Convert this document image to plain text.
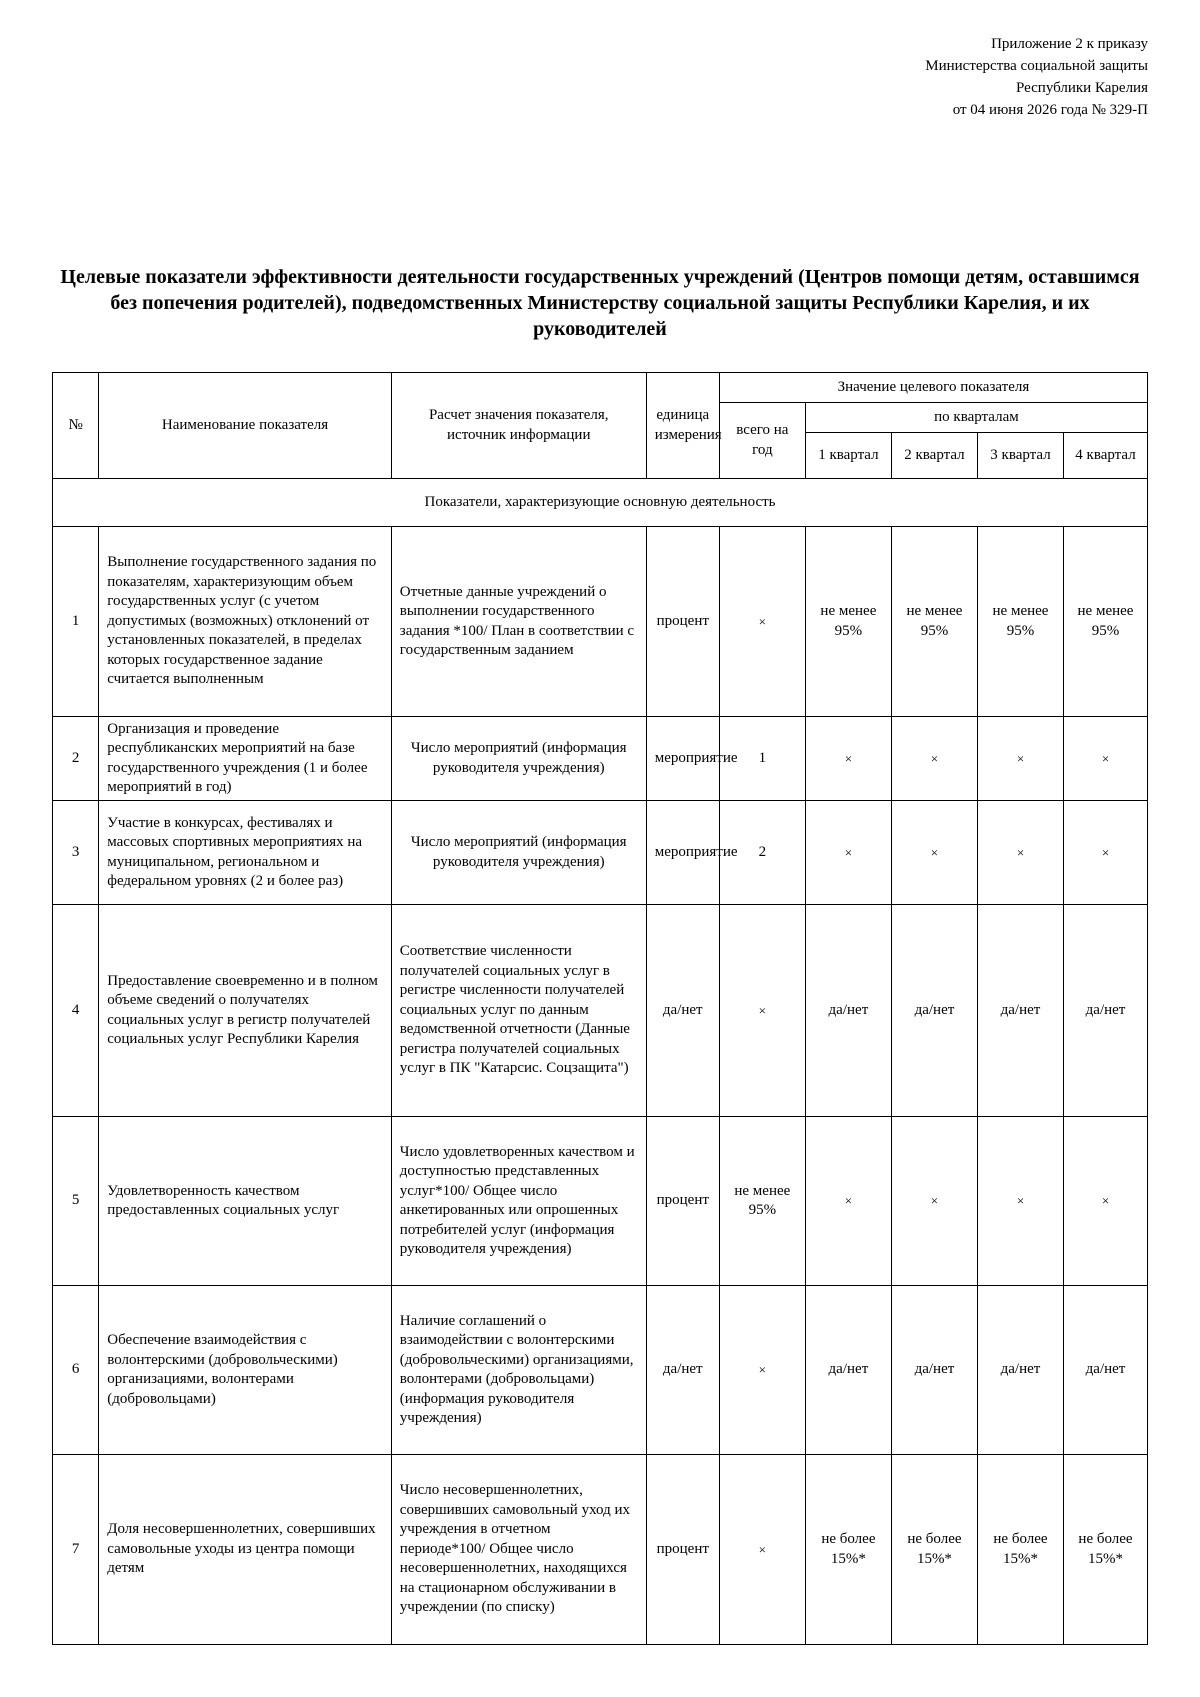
Приложение 2 к приказу
Министерства социальной защиты
Республики Карелия
от 04 июня 2026 года № 329-П
Целевые показатели эффективности деятельности государственных учреждений (Центров помощи детям, оставшимся без попечения родителей), подведомственных Министерству социальной защиты Республики Карелия, и их руководителей
№	Наименование показателя	Расчет значения показателя, источник информации	единица измерения	Значение целевого показателя				
				всего на год	по кварталам			
					1 квартал	2 квартал	3 квартал	4 квартал
Показатели, характеризующие основную деятельность								
1	Выполнение государственного задания по показателям, характеризующим объем государственных услуг (с учетом допустимых (возможных) отклонений от установленных показателей, в пределах которых государственное задание считается выполненным	Отчетные данные учреждений о выполнении государственного задания *100/ План в соответствии с государственным заданием	процент	×	не менее 95%	не менее 95%	не менее 95%	не менее 95%
2	Организация и проведение республиканских мероприятий на базе государственного учреждения (1 и более мероприятий в год)	Число мероприятий (информация руководителя учреждения)	мероприятие	1	×	×	×	×
3	Участие в конкурсах, фестивалях и массовых спортивных мероприятиях на муниципальном, региональном и федеральном уровнях (2 и более раз)	Число мероприятий (информация руководителя учреждения)	мероприятие	2	×	×	×	×
4	Предоставление своевременно и в полном объеме сведений о получателях социальных услуг в регистр получателей социальных услуг Республики Карелия	Соответствие численности получателей социальных услуг в регистре численности получателей социальных услуг по данным ведомственной отчетности (Данные регистра получателей социальных услуг в ПК "Катарсис. Соцзащита")	да/нет	×	да/нет	да/нет	да/нет	да/нет
5	Удовлетворенность качеством предоставленных социальных услуг	Число удовлетворенных качеством и доступностью представленных услуг*100/ Общее число анкетированных или опрошенных потребителей услуг (информация руководителя учреждения)	процент	не менее 95%	×	×	×	×
6	Обеспечение взаимодействия с волонтерскими (добровольческими) организациями, волонтерами (добровольцами)	Наличие соглашений о взаимодействии с волонтерскими (добровольческими) организациями, волонтерами (добровольцами) (информация руководителя учреждения)	да/нет	×	да/нет	да/нет	да/нет	да/нет
7	Доля несовершеннолетних, совершивших самовольные уходы из центра помощи детям	Число несовершеннолетних, совершивших самовольный уход их учреждения в отчетном периоде*100/ Общее число несовершеннолетних, находящихся на стационарном обслуживании в учреждении (по списку)	процент	×	не более 15%*	не более 15%*	не более 15%*	не более 15%*
